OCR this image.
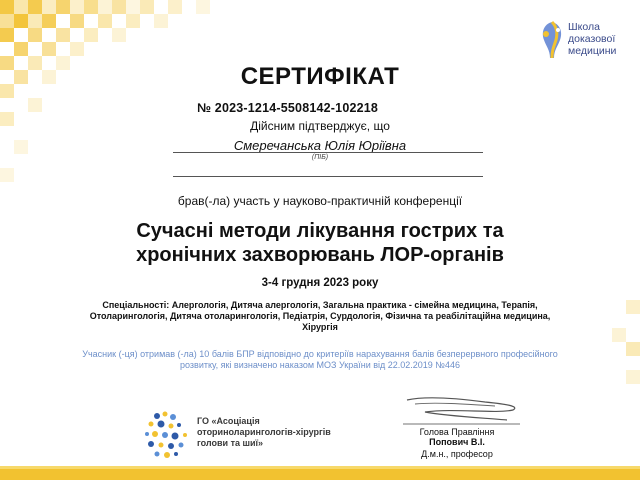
Школа
доказової
медицини
СЕРТИФІКАТ
№ 2023-1214-5508142-102218
Дійсним підтверджує, що
Смеречанська Юлія Юріївна
(ПІБ)
брав(-ла) участь у науково-практичній конференції
Сучасні методи лікування гострих та хронічних захворювань ЛОР-органів
3-4 грудня 2023 року
Спеціальності: Алергологія, Дитяча алергологія, Загальна практика - сімейна медицина, Терапія, Отоларингологія, Дитяча отоларингологія, Педіатрія, Сурдологія, Фізична та реабілітаційна медицина, Хірургія
Учасник (-ця) отримав (-ла) 10 балів БПР відповідно до критеріїв нарахування балів безперервного професійного розвитку, які визначено наказом МОЗ України від 22.02.2019 №446
ГО «Асоціація
оториноларингологів-хірургів
голови та шиї»
Голова Правління
Попович В.І.
Д.м.н., професор
